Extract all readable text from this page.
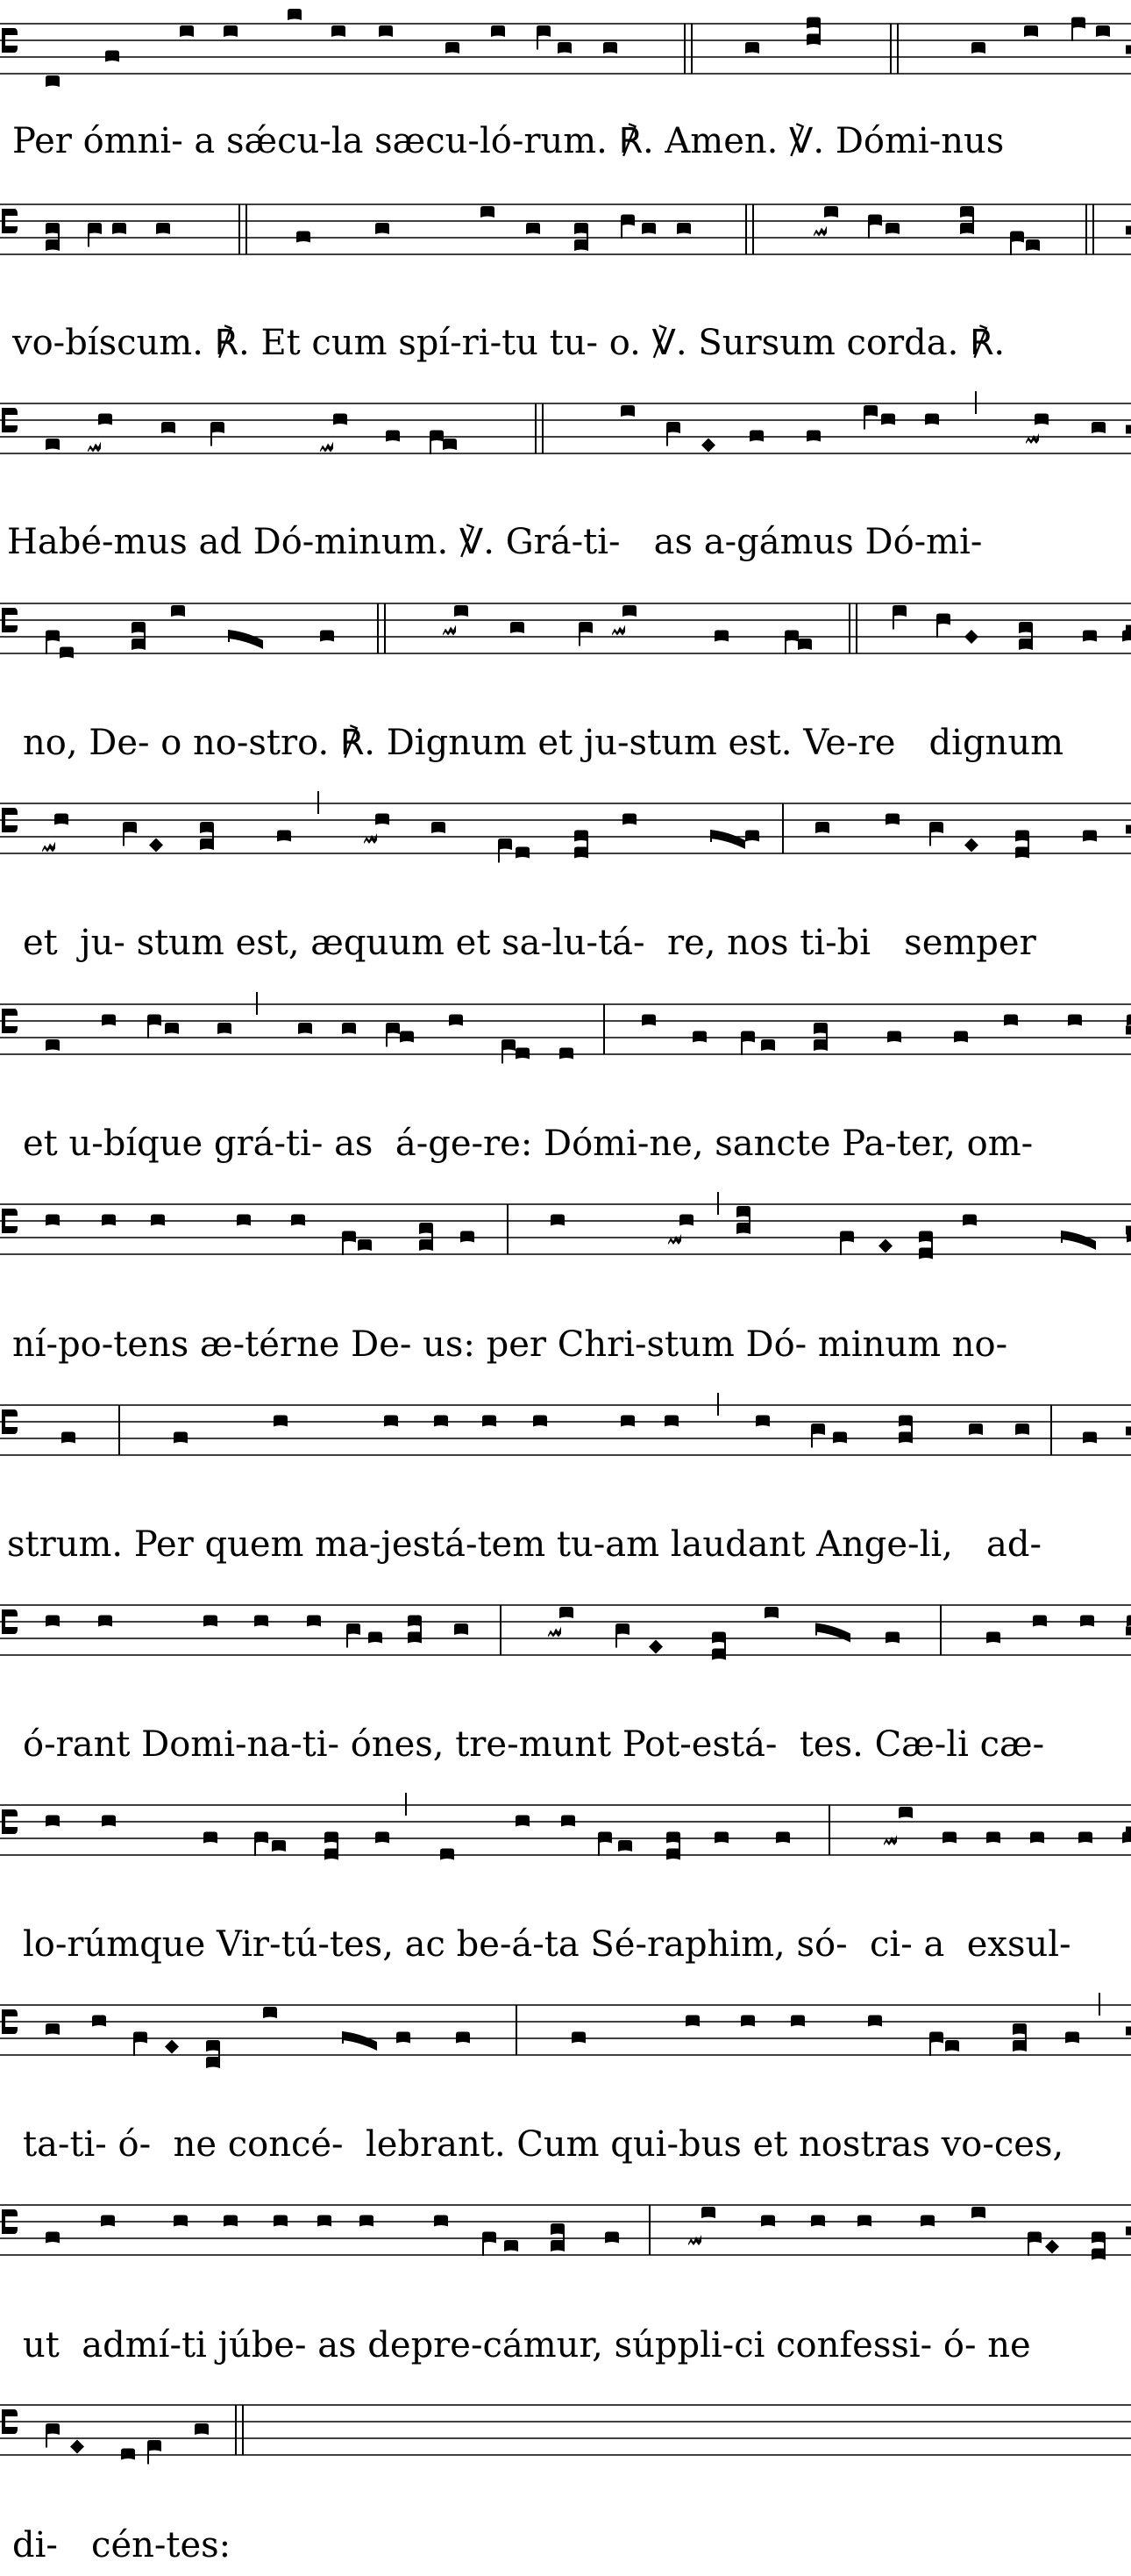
Per ómni- a sǽcu-la sæcu-ló-rum. ℟. Amen. ℣. Dómi-nus
vo-bíscum. ℟. Et cum spí-ri-tu tu- o. ℣. Sursum corda. ℟.
Habé-mus ad Dó-minum. ℣. Grá-ti-   as a-gámus Dó-mi-
no, De- o no-stro. ℟. Dignum et ju-stum est. Ve-re   dignum
et  ju- stum est, æquum et sa-lu-tá-  re, nos ti-bi   semper
et u-bíque grá-ti- as  á-ge-re: Dómi-ne, sancte Pa-ter, om-
ní-po-tens æ-térne De- us: per Chri-stum Dó- minum no-
strum. Per quem ma-jestá-tem tu-am laudant Ange-li,   ad-
ó-rant Domi-na-ti- ónes, tre-munt Pot-está-  tes. Cæ-li cæ-
lo-rúmque Vir-tú-tes, ac be-á-ta Sé-raphim, só-  ci- a  exsul-
ta-ti- ó-  ne concé-  lebrant. Cum qui-bus et nostras vo-ces,
ut  admí-ti júbe- as depre-cámur, súppli-ci confessi- ó- ne
di-   cén-tes:
